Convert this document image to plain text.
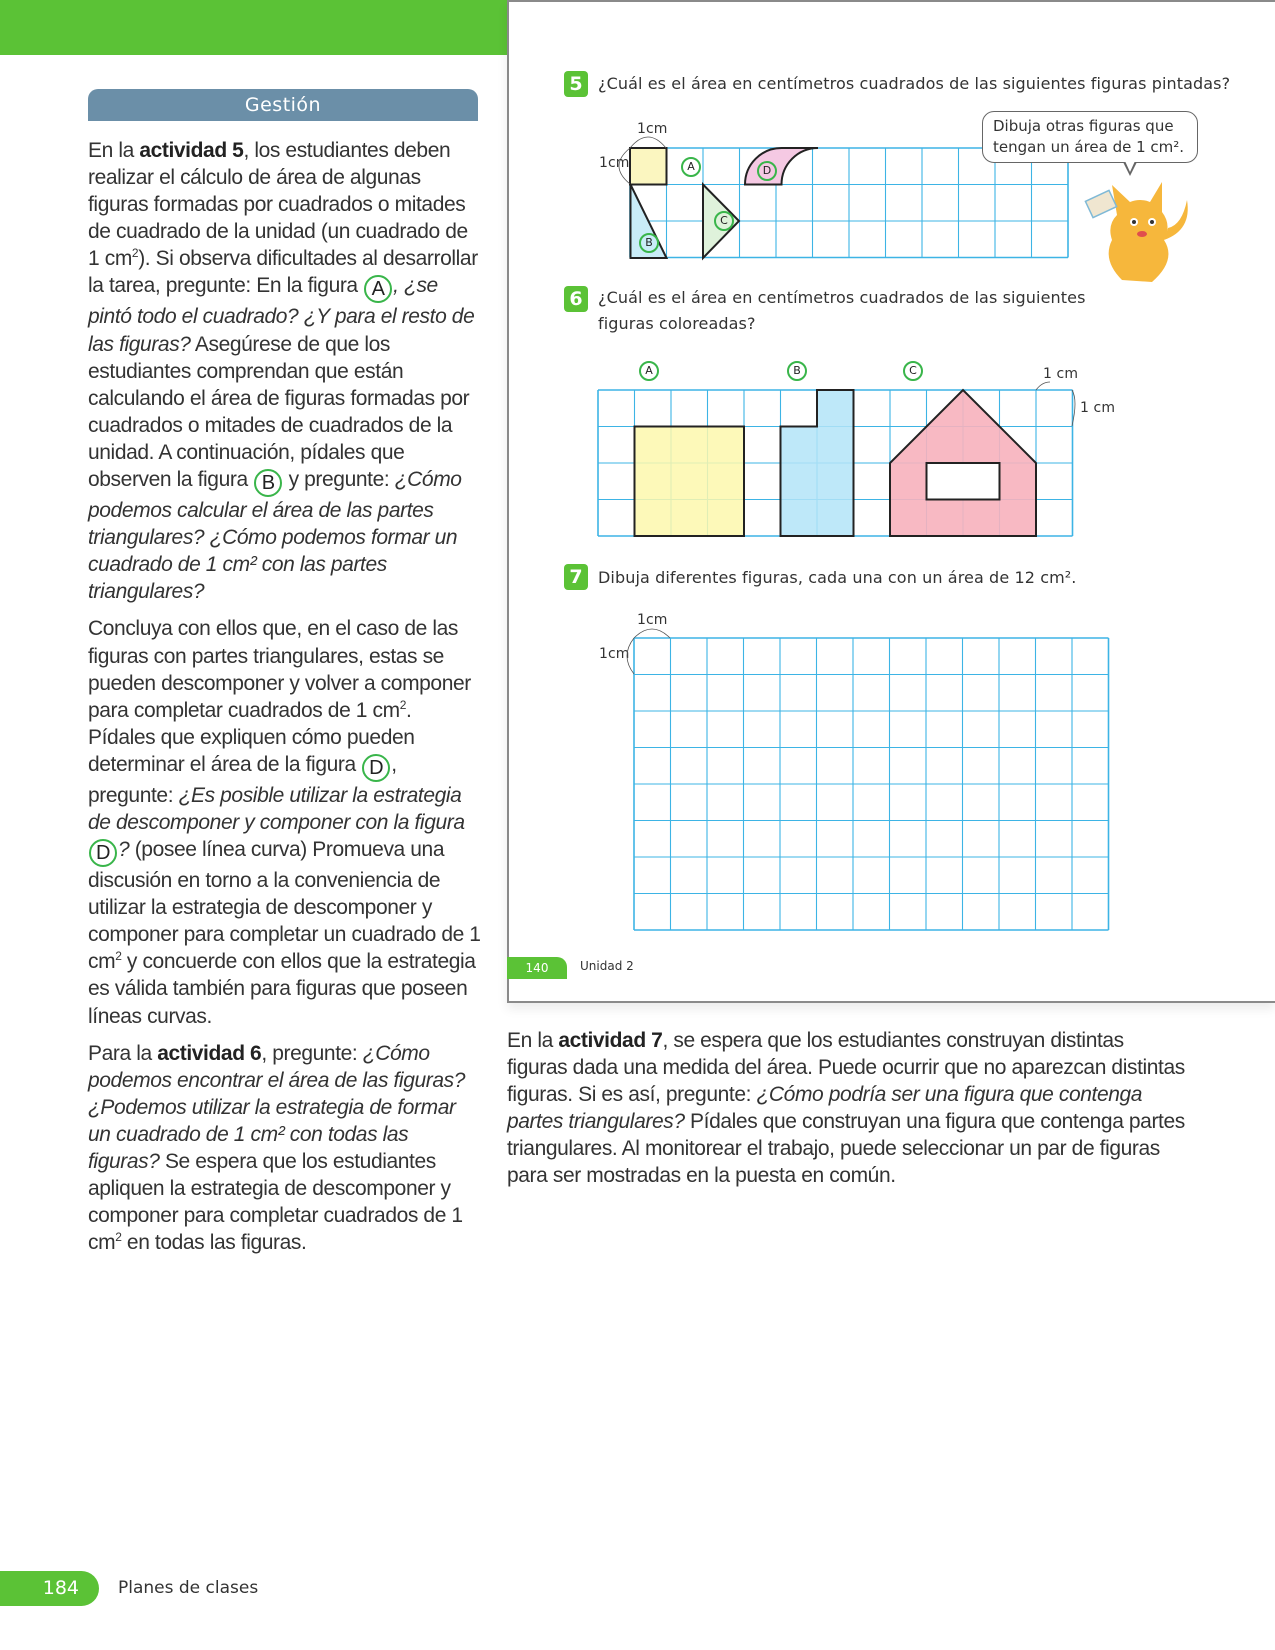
Gestión

En la actividad 5, los estudiantes deben realizar el cálculo de área de algunas figuras formadas por cuadrados o mitades de cuadrado de la unidad (un cuadrado de 1 $cm^2$). Si observa dificultades al desarrollar la tarea, pregunte: En la figura A , ¿se pintó todo el cuadrado? ¿Y para el resto de las figuras? Asegúrese de que los estudiantes comprendan que están calculando el área de figuras formadas por cuadrados o mitades de cuadrados de la unidad. A continuación, pídales que observen la figura B y pregunte: ¿Cómo podemos calcular el área de las partes triangulares? ¿Cómo podemos formar un cuadrado de 1 cm² con las partes triangulares?

Concluya con ellos que, en el caso de las figuras con partes triangulares, estas se pueden descomponer y volver a componer para completar cuadrados de 1 $cm^2$. Pídales que expliquen cómo pueden determinar el área de la figura D , pregunte: ¿Es posible utilizar la estrategia de descomponer y componer con la figura D ? (posee línea curva) Promueva una discusión en torno a la conveniencia de utilizar la estrategia de descomponer y componer para completar un cuadrado de 1 $cm^2$ y concuerde con ellos que la estrategia es válida también para figuras que poseen líneas curvas.

Para la actividad 6, pregunte: ¿Cómo podemos encontrar el área de las figuras? ¿Podemos utilizar la estrategia de formar un cuadrado de 1 cm² con todas las figuras? Se espera que los estudiantes apliquen la estrategia de descomponer y componer para completar cuadrados de 1 $cm^2$ en todas las figuras.

5 ¿Cuál es el área en centímetros cuadrados de las siguientes figuras pintadas?
1cm
1cm	A
B
C
D
Dibuja otras figuras que tengan un área de 1 cm².
6 ¿Cuál es el área en centímetros cuadrados de las siguientes
figuras coloreadas?
A	B	C	1 cm
1 cm
7 Dibuja diferentes figuras, cada una con un área de 12 cm².
1cm
1cm
140	Unidad 2

En la actividad 7, se espera que los estudiantes construyan distintas figuras dada una medida del área. Puede ocurrir que no aparezcan distintas figuras. Si es así, pregunte: ¿Cómo podría ser una figura que contenga partes triangulares? Pídales que construyan una figura que contenga partes triangulares. Al monitorear el trabajo, puede seleccionar un par de figuras para ser mostradas en la puesta en común.

184	Planes de clases
